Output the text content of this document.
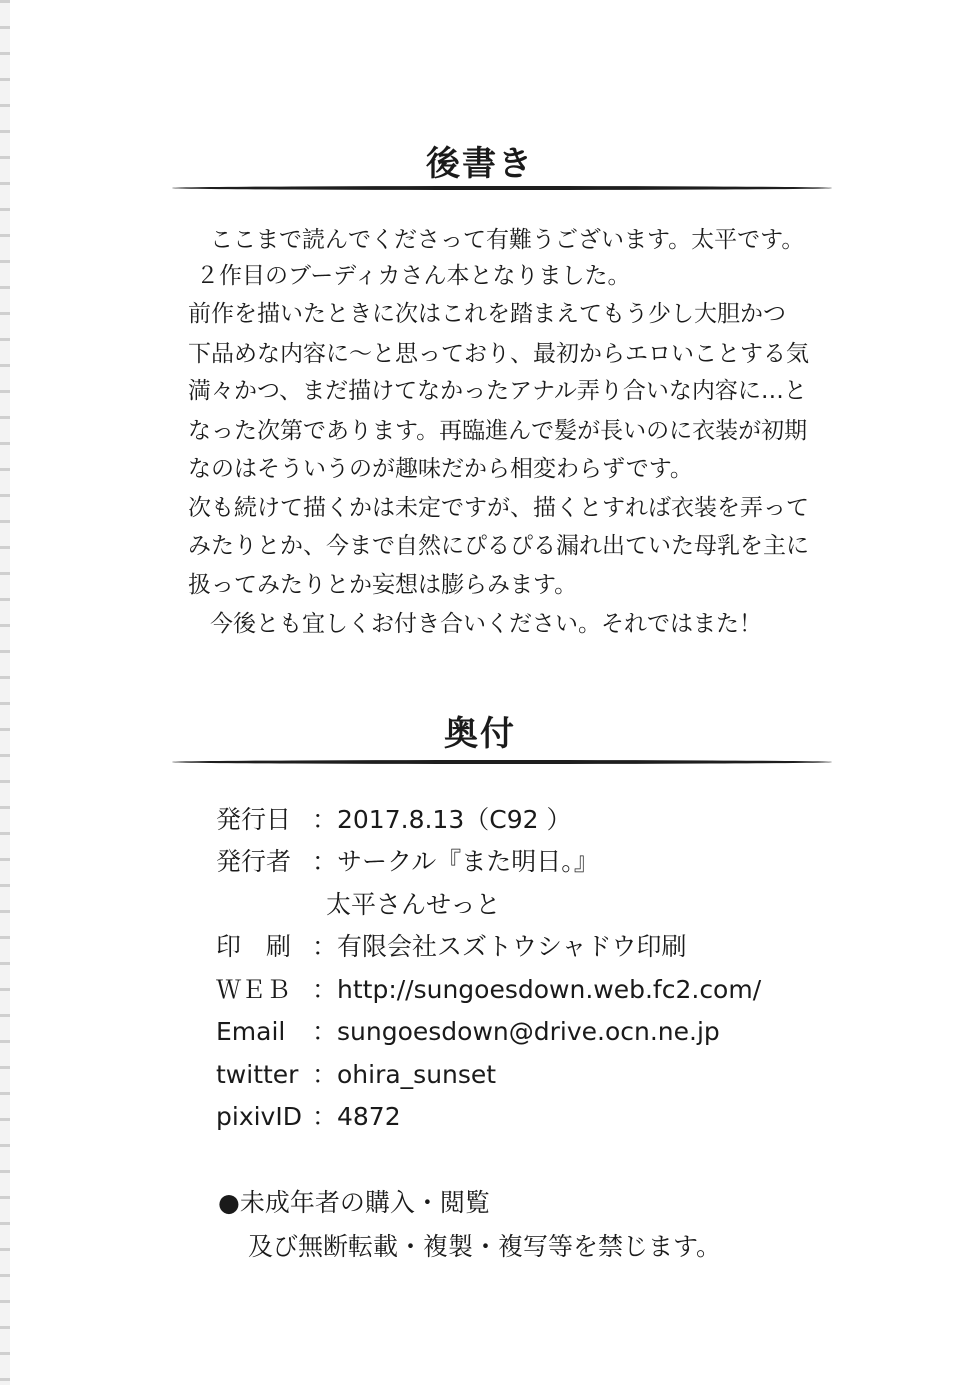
後書き
ここまで読んでくださって有難うございます。太平です。
２作目のブーディカさん本となりました。
前作を描いたときに次はこれを踏まえてもう少し大胆かつ
下品めな内容に〜と思っており、最初からエロいことする気
満々かつ、まだ描けてなかったアナル弄り合いな内容に…と
なった次第であります。再臨進んで髪が長いのに衣装が初期
なのはそういうのが趣味だから相変わらずです。
次も続けて描くかは未定ですが、描くとすれば衣装を弄って
みたりとか、今まで自然にぴるぴる漏れ出ていた母乳を主に
扱ってみたりとか妄想は膨らみます。
今後とも宜しくお付き合いください。それではまた！
奥付
発行日 ：2017.8.13（C92 ）
発行者 ：サークル『また明日。』
太平さんせっと
印　刷 ：有限会社スズトウシャドウ印刷
ＷＥＢ ：http://sungoesdown.web.fc2.com/
Email ：sungoesdown@drive.ocn.ne.jp
twitter ：ohira_sunset
pixivID ：4872
●未成年者の購入・閲覧
及び無断転載・複製・複写等を禁じます。
